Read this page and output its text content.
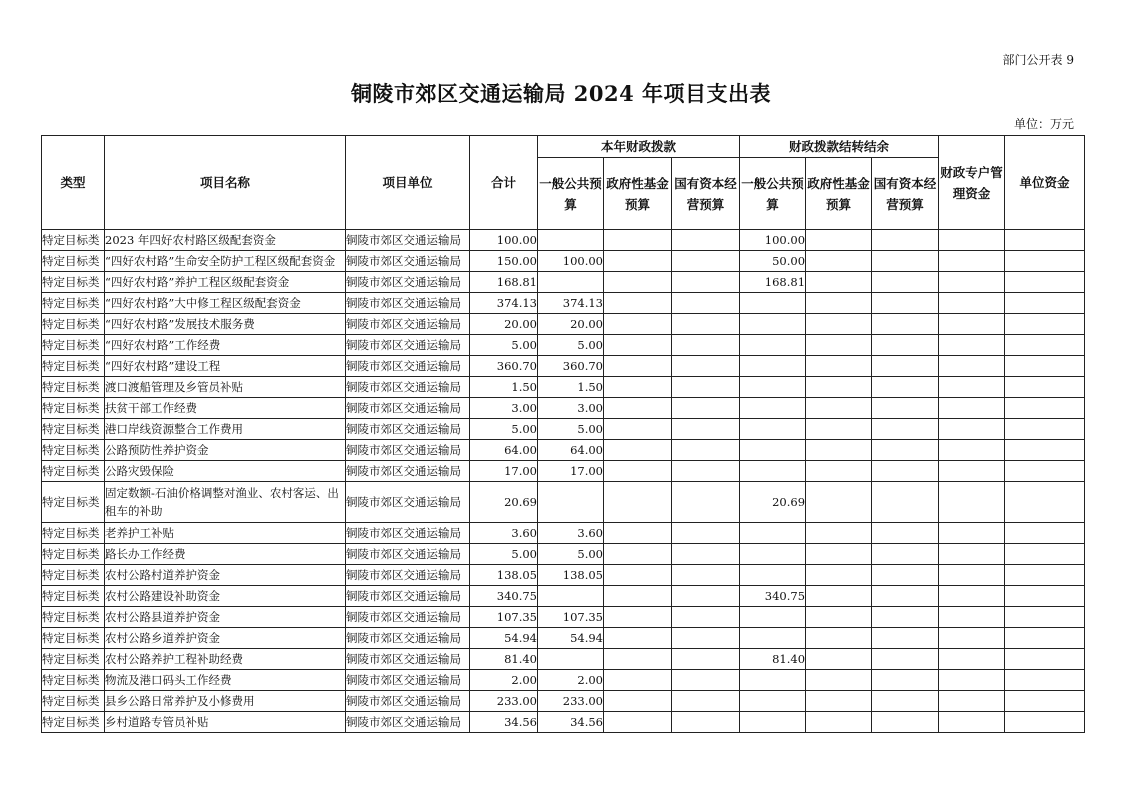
部门公开表 9
铜陵市郊区交通运输局 2024 年项目支出表
单位：万元
类型	项目名称	项目单位	合计	本年财政拨款			财政拨款结转结余			财政专户管理资金	单位资金
				一般公共预算	政府性基金预算	国有资本经营预算	一般公共预算	政府性基金预算	国有资本经营预算		
特定目标类	2023 年四好农村路区级配套资金	铜陵市郊区交通运输局	100.00				100.00				
特定目标类	“四好农村路”生命安全防护工程区级配套资金	铜陵市郊区交通运输局	150.00	100.00			50.00				
特定目标类	“四好农村路”养护工程区级配套资金	铜陵市郊区交通运输局	168.81				168.81				
特定目标类	“四好农村路”大中修工程区级配套资金	铜陵市郊区交通运输局	374.13	374.13							
特定目标类	“四好农村路”发展技术服务费	铜陵市郊区交通运输局	20.00	20.00							
特定目标类	“四好农村路”工作经费	铜陵市郊区交通运输局	5.00	5.00							
特定目标类	“四好农村路”建设工程	铜陵市郊区交通运输局	360.70	360.70							
特定目标类	渡口渡船管理及乡管员补贴	铜陵市郊区交通运输局	1.50	1.50							
特定目标类	扶贫干部工作经费	铜陵市郊区交通运输局	3.00	3.00							
特定目标类	港口岸线资源整合工作费用	铜陵市郊区交通运输局	5.00	5.00							
特定目标类	公路预防性养护资金	铜陵市郊区交通运输局	64.00	64.00							
特定目标类	公路灾毁保险	铜陵市郊区交通运输局	17.00	17.00							
特定目标类	固定数额-石油价格调整对渔业、农村客运、出租车的补助	铜陵市郊区交通运输局	20.69				20.69				
特定目标类	老养护工补贴	铜陵市郊区交通运输局	3.60	3.60							
特定目标类	路长办工作经费	铜陵市郊区交通运输局	5.00	5.00							
特定目标类	农村公路村道养护资金	铜陵市郊区交通运输局	138.05	138.05							
特定目标类	农村公路建设补助资金	铜陵市郊区交通运输局	340.75				340.75				
特定目标类	农村公路县道养护资金	铜陵市郊区交通运输局	107.35	107.35							
特定目标类	农村公路乡道养护资金	铜陵市郊区交通运输局	54.94	54.94							
特定目标类	农村公路养护工程补助经费	铜陵市郊区交通运输局	81.40				81.40				
特定目标类	物流及港口码头工作经费	铜陵市郊区交通运输局	2.00	2.00							
特定目标类	县乡公路日常养护及小修费用	铜陵市郊区交通运输局	233.00	233.00							
特定目标类	乡村道路专管员补贴	铜陵市郊区交通运输局	34.56	34.56							
